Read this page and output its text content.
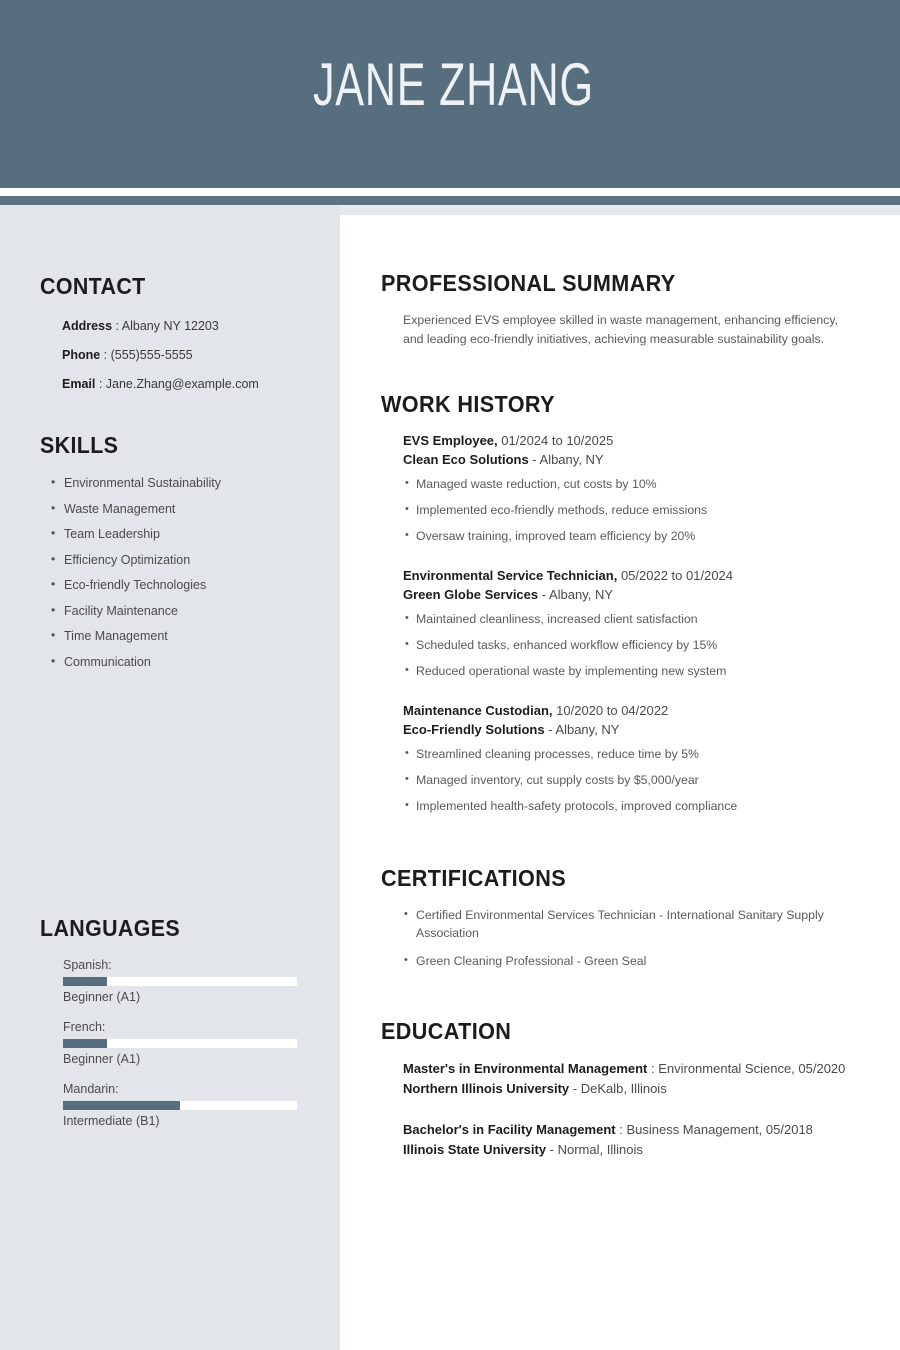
JANE ZHANG
CONTACT
Address : Albany NY 12203
Phone : (555)555-5555
Email : Jane.Zhang@example.com
SKILLS
• Environmental Sustainability
• Waste Management
• Team Leadership
• Efficiency Optimization
• Eco-friendly Technologies
• Facility Maintenance
• Time Management
• Communication
LANGUAGES
Spanish:
Beginner (A1)
French:
Beginner (A1)
Mandarin:
Intermediate (B1)
PROFESSIONAL SUMMARY
Experienced EVS employee skilled in waste management, enhancing efficiency, and leading eco-friendly initiatives, achieving measurable sustainability goals.
WORK HISTORY
EVS Employee, 01/2024 to 10/2025
Clean Eco Solutions - Albany, NY
• Managed waste reduction, cut costs by 10%
• Implemented eco-friendly methods, reduce emissions
• Oversaw training, improved team efficiency by 20%
Environmental Service Technician, 05/2022 to 01/2024
Green Globe Services - Albany, NY
• Maintained cleanliness, increased client satisfaction
• Scheduled tasks, enhanced workflow efficiency by 15%
• Reduced operational waste by implementing new system
Maintenance Custodian, 10/2020 to 04/2022
Eco-Friendly Solutions - Albany, NY
• Streamlined cleaning processes, reduce time by 5%
• Managed inventory, cut supply costs by $5,000/year
• Implemented health-safety protocols, improved compliance
CERTIFICATIONS
• Certified Environmental Services Technician - International Sanitary Supply Association
• Green Cleaning Professional - Green Seal
EDUCATION
Master's in Environmental Management : Environmental Science, 05/2020
Northern Illinois University - DeKalb, Illinois
Bachelor's in Facility Management : Business Management, 05/2018
Illinois State University - Normal, Illinois
